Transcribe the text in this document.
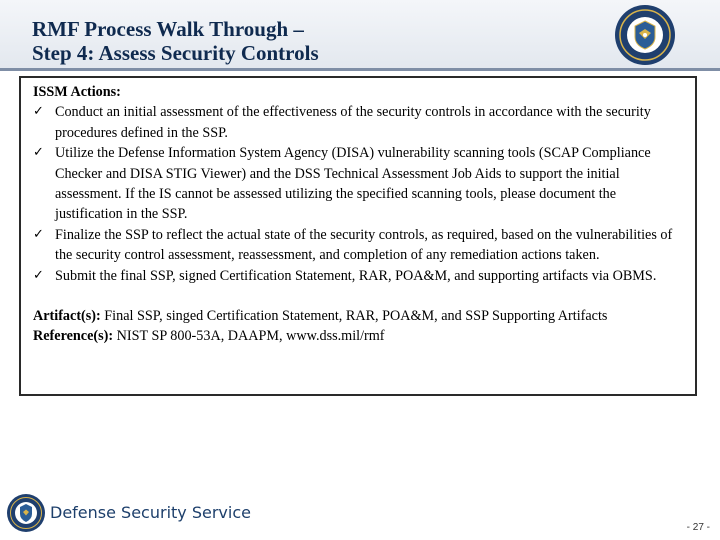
RMF Process Walk Through –
Step 4: Assess Security Controls
ISSM Actions:
✓ Conduct an initial assessment of the effectiveness of the security controls in accordance with the security procedures defined in the SSP.
✓ Utilize the Defense Information System Agency (DISA) vulnerability scanning tools (SCAP Compliance Checker and DISA STIG Viewer) and the DSS Technical Assessment Job Aids to support the initial assessment. If the IS cannot be assessed utilizing the specified scanning tools, please document the justification in the SSP.
✓ Finalize the SSP to reflect the actual state of the security controls, as required, based on the vulnerabilities of the security control assessment, reassessment, and completion of any remediation actions taken.
✓ Submit the final SSP, signed Certification Statement, RAR, POA&M, and supporting artifacts via OBMS.
Artifact(s): Final SSP, singed Certification Statement, RAR, POA&M, and SSP Supporting Artifacts
Reference(s): NIST SP 800-53A, DAAPM, www.dss.mil/rmf
Defense Security Service
- 27 -
